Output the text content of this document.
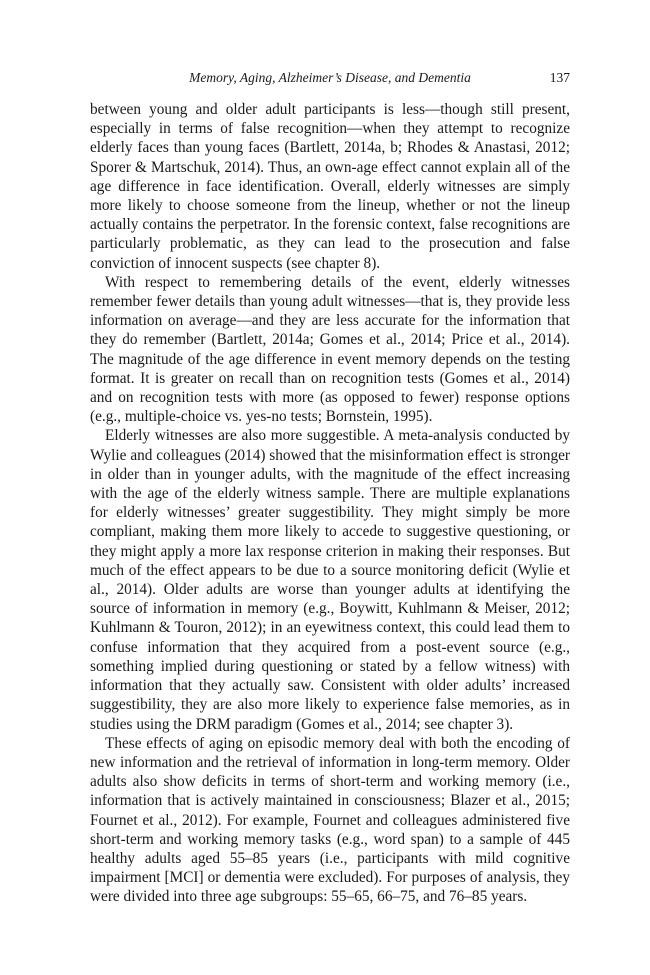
Memory, Aging, Alzheimer’s Disease, and Dementia	137

between young and older adult participants is less—though still present, especially in terms of false recognition—when they attempt to recognize elderly faces than young faces (Bartlett, 2014a, b; Rhodes & Anastasi, 2012; Sporer & Martschuk, 2014). Thus, an own-age effect cannot explain all of the age difference in face identification. Overall, elderly witnesses are simply more likely to choose someone from the lineup, whether or not the lineup actually contains the perpetrator. In the forensic context, false recognitions are particularly problematic, as they can lead to the prosecution and false conviction of innocent suspects (see chapter 8).

With respect to remembering details of the event, elderly witnesses remember fewer details than young adult witnesses—that is, they provide less information on average—and they are less accurate for the information that they do remember (Bartlett, 2014a; Gomes et al., 2014; Price et al., 2014). The magnitude of the age difference in event memory depends on the testing format. It is greater on recall than on recognition tests (Gomes et al., 2014) and on recognition tests with more (as opposed to fewer) response options (e.g., multiple-choice vs. yes-no tests; Bornstein, 1995).

Elderly witnesses are also more suggestible. A meta-analysis conducted by Wylie and colleagues (2014) showed that the misinformation effect is stronger in older than in younger adults, with the magnitude of the effect increasing with the age of the elderly witness sample. There are multiple explanations for elderly witnesses’ greater suggestibility. They might simply be more compliant, making them more likely to accede to suggestive questioning, or they might apply a more lax response criterion in making their responses. But much of the effect appears to be due to a source monitoring deficit (Wylie et al., 2014). Older adults are worse than younger adults at identifying the source of information in memory (e.g., Boywitt, Kuhlmann & Meiser, 2012; Kuhlmann & Touron, 2012); in an eyewitness context, this could lead them to confuse information that they acquired from a post-event source (e.g., something implied during questioning or stated by a fellow witness) with information that they actually saw. Consistent with older adults’ increased suggestibility, they are also more likely to experience false memories, as in studies using the DRM paradigm (Gomes et al., 2014; see chapter 3).

These effects of aging on episodic memory deal with both the encoding of new information and the retrieval of information in long-term memory. Older adults also show deficits in terms of short-term and working memory (i.e., information that is actively maintained in consciousness; Blazer et al., 2015; Fournet et al., 2012). For example, Fournet and colleagues administered five short-term and working memory tasks (e.g., word span) to a sample of 445 healthy adults aged 55–85 years (i.e., participants with mild cognitive impairment [MCI] or dementia were excluded). For purposes of analysis, they were divided into three age subgroups: 55–65, 66–75, and 76–85 years.
